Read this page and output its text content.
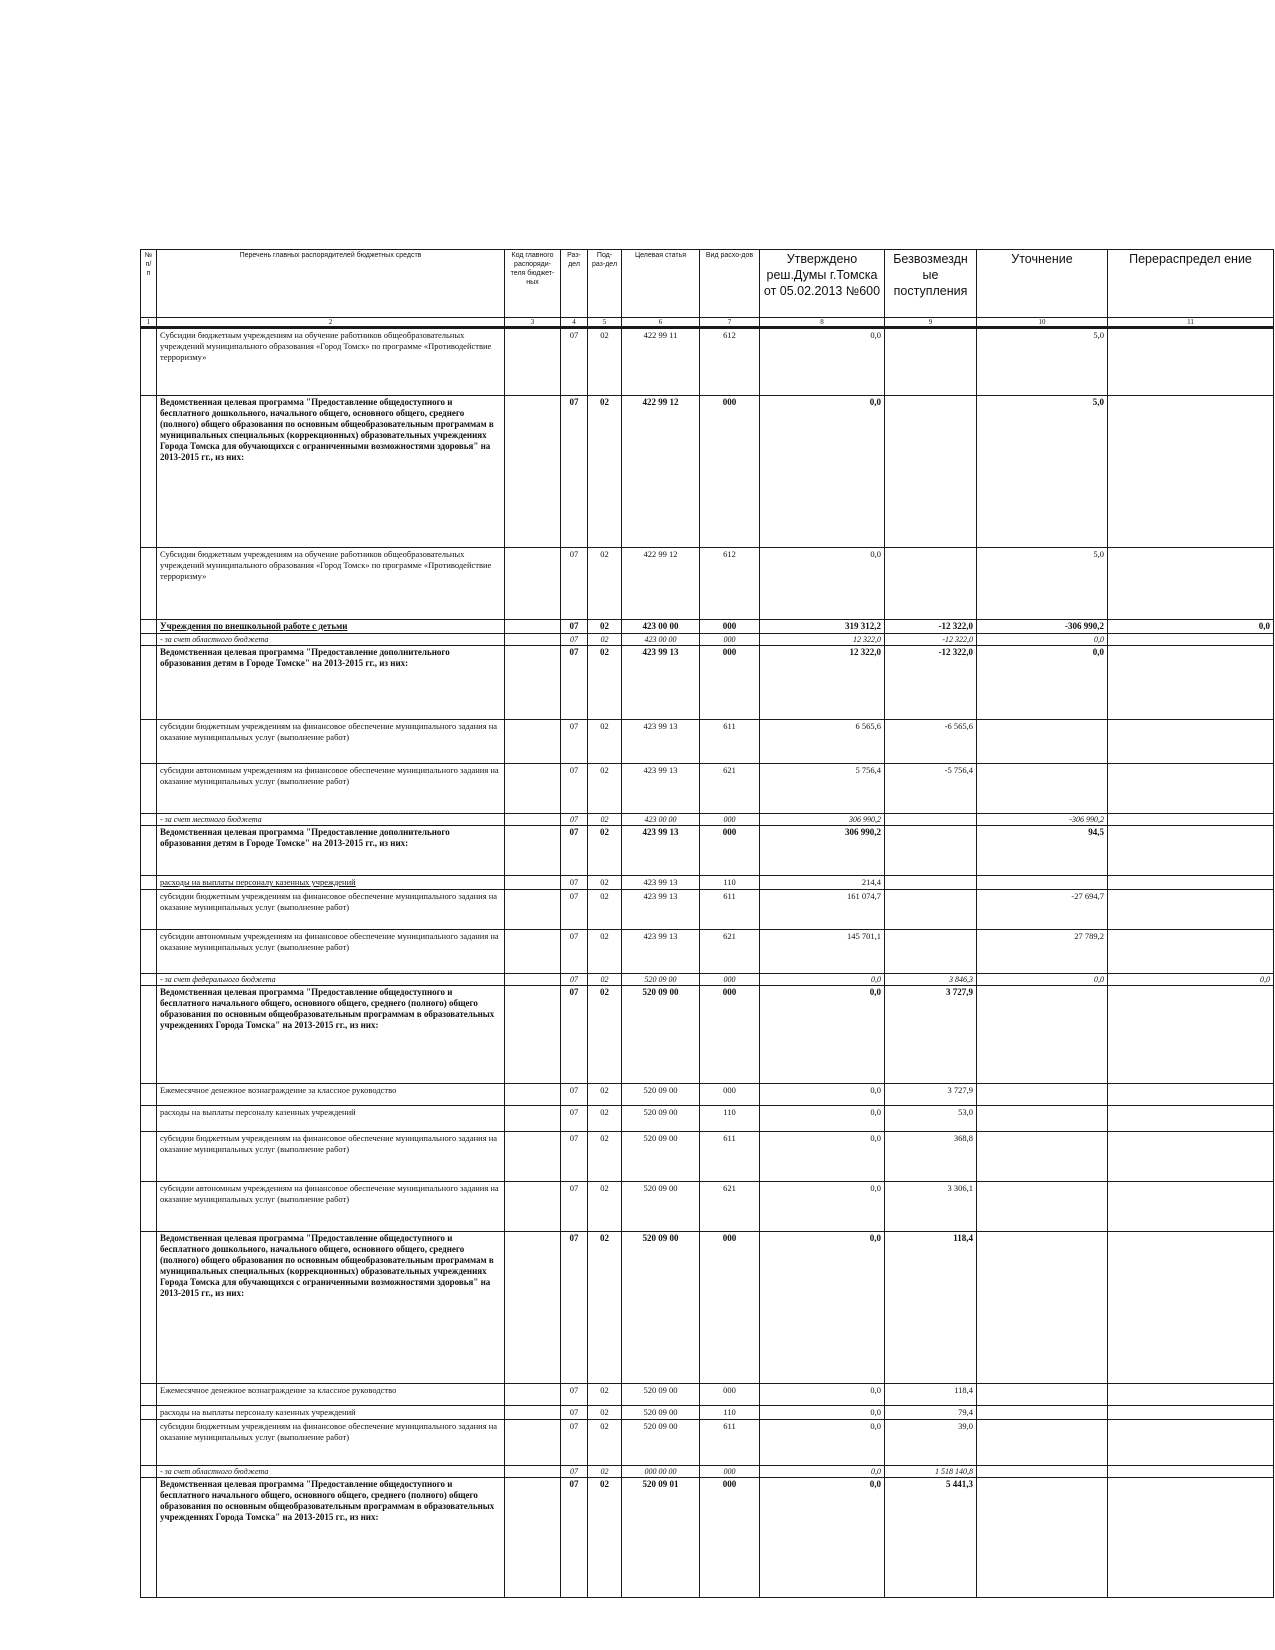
№ п/п	Перечень главных распорядителей бюджетных средств	Код главного распоряди-теля бюджет-ных	Раз-дел	Под-раз-дел	Целевая статья	Вид расхо-дов	Утверждено реш.Думы г.Томска от 05.02.2013 №600	Безвозмездн ые поступления	Уточнение	Перераспредел ение
1	2	3	4	5	6	7	8	9	10	11
	Субсидии бюджетным учреждениям на обучение работников общеобразовательных учреждений муниципального образования «Город Томск» по программе «Противодействие терроризму»		07	02	422 99 11	612	0,0		5,0	
	Ведомственная целевая программа "Предоставление общедоступного и бесплатного дошкольного, начального общего, основного общего, среднего (полного) общего образования по основным общеобразовательным программам в муниципальных специальных (коррекционных) образовательных учреждениях Города Томска для обучающихся с ограниченными возможностями здоровья" на 2013-2015 гг., из них:		07	02	422 99 12	000	0,0		5,0	
	Субсидии бюджетным учреждениям на обучение работников общеобразовательных учреждений муниципального образования «Город Томск» по программе «Противодействие терроризму»		07	02	422 99 12	612	0,0		5,0	
	Учреждения по внешкольной работе с детьми		07	02	423 00 00	000	319 312,2	-12 322,0	-306 990,2	0,0
	- за счет областного бюджета		07	02	423 00 00	000	12 322,0	-12 322,0	0,0	
	Ведомственная целевая программа "Предоставление дополнительного образования детям в Городе Томске" на 2013-2015 гг., из них:		07	02	423 99 13	000	12 322,0	-12 322,0	0,0	
	субсидии бюджетным учреждениям на финансовое обеспечение муниципального задания на оказание муниципальных услуг (выполнение работ)		07	02	423 99 13	611	6 565,6	-6 565,6		
	субсидии автономным учреждениям на финансовое обеспечение муниципального задания на оказание муниципальных услуг (выполнение работ)		07	02	423 99 13	621	5 756,4	-5 756,4		
	- за счет местного бюджета		07	02	423 00 00	000	306 990,2		-306 990,2	
	Ведомственная целевая программа "Предоставление дополнительного образования детям в Городе Томске" на 2013-2015 гг., из них:		07	02	423 99 13	000	306 990,2		94,5	
	расходы на выплаты персоналу казенных учреждений		07	02	423 99 13	110	214,4			
	субсидии бюджетным учреждениям на финансовое обеспечение муниципального задания на оказание муниципальных услуг (выполнение работ)		07	02	423 99 13	611	161 074,7		-27 694,7	
	субсидии автономным учреждениям на финансовое обеспечение муниципального задания на оказание муниципальных услуг (выполнение работ)		07	02	423 99 13	621	145 701,1		27 789,2	
	- за счет федерального бюджета		07	02	520 09 00	000	0,0	3 846,3	0,0	0,0
	Ведомственная целевая программа "Предоставление общедоступного и бесплатного начального общего, основного общего, среднего (полного) общего образования по основным общеобразовательным программам в образовательных учреждениях Города Томска" на 2013-2015 гг., из них:		07	02	520 09 00	000	0,0	3 727,9		
	Ежемесячное денежное вознаграждение за классное руководство		07	02	520 09 00	000	0,0	3 727,9		
	расходы на выплаты персоналу казенных учреждений		07	02	520 09 00	110	0,0	53,0		
	субсидии бюджетным учреждениям на финансовое обеспечение муниципального задания на оказание муниципальных услуг (выполнение работ)		07	02	520 09 00	611	0,0	368,8		
	субсидии автономным учреждениям на финансовое обеспечение муниципального задания на оказание муниципальных услуг (выполнение работ)		07	02	520 09 00	621	0,0	3 306,1		
	Ведомственная целевая программа "Предоставление общедоступного и бесплатного дошкольного, начального общего, основного общего, среднего (полного) общего образования по основным общеобразовательным программам в муниципальных специальных (коррекционных) образовательных учреждениях Города Томска для обучающихся с ограниченными возможностями здоровья" на 2013-2015 гг., из них:		07	02	520 09 00	000	0,0	118,4		
	Ежемесячное денежное вознаграждение за классное руководство		07	02	520 09 00	000	0,0	118,4		
	расходы на выплаты персоналу казенных учреждений		07	02	520 09 00	110	0,0	79,4		
	субсидии бюджетным учреждениям на финансовое обеспечение муниципального задания на оказание муниципальных услуг (выполнение работ)		07	02	520 09 00	611	0,0	39,0		
	- за счет областного бюджета		07	02	000 00 00	000	0,0	1 518 140,8		
	Ведомственная целевая программа "Предоставление общедоступного и бесплатного начального общего, основного общего, среднего (полного) общего образования по основным общеобразовательным программам в образовательных учреждениях Города Томска" на 2013-2015 гг., из них:		07	02	520 09 01	000	0,0	5 441,3		
